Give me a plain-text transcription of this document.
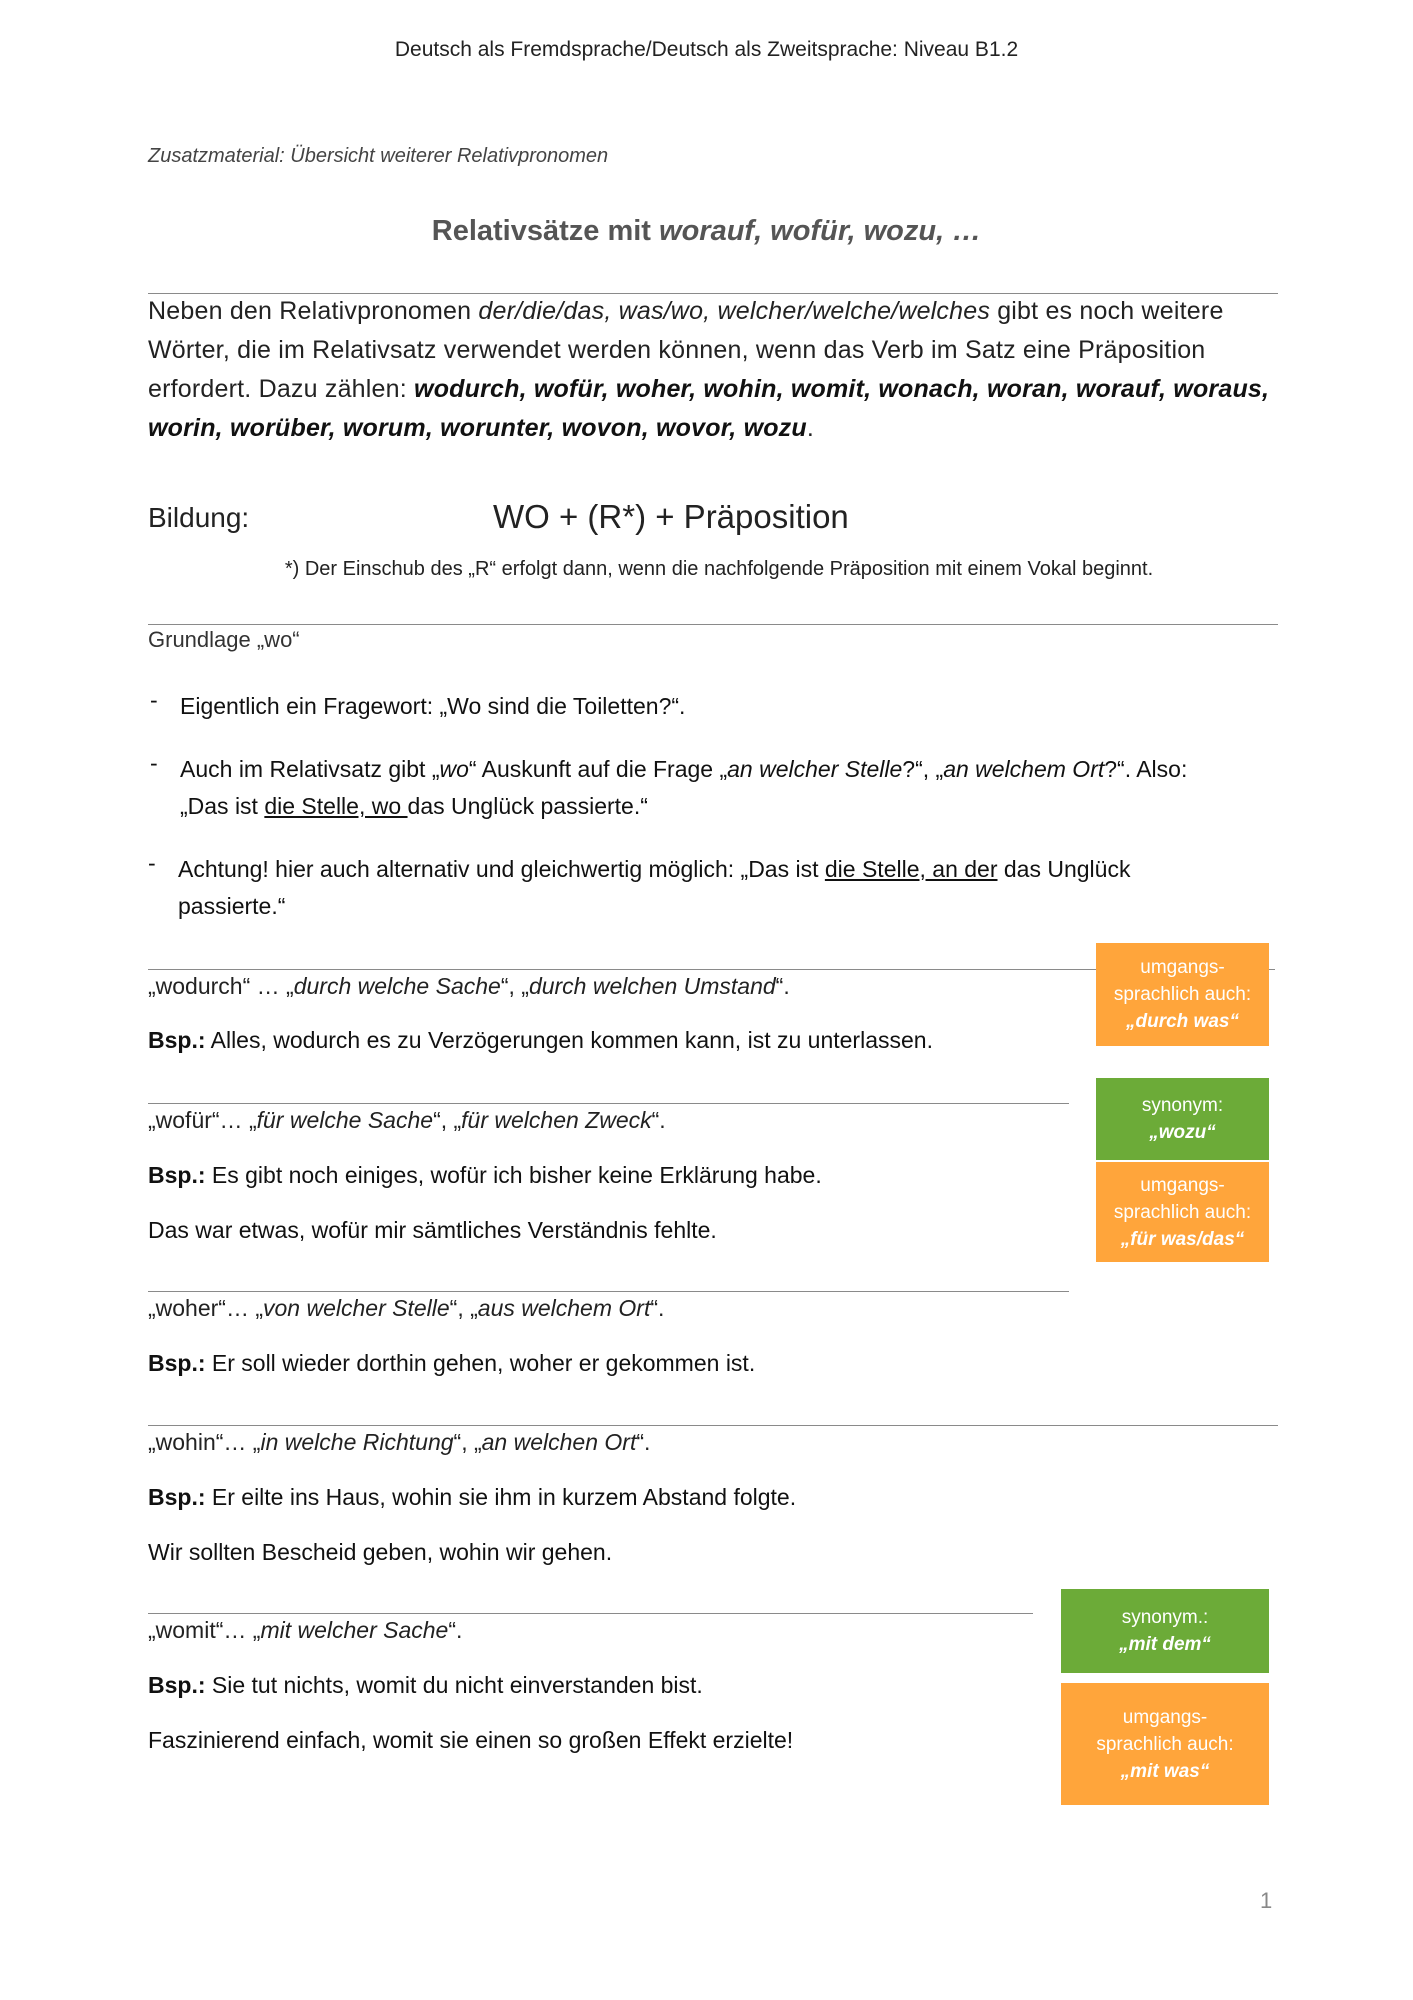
Deutsch als Fremdsprache/Deutsch als Zweitsprache: Niveau B1.2
Zusatzmaterial: Übersicht weiterer Relativpronomen
Relativsätze mit worauf, wofür, wozu, …
Neben den Relativpronomen der/die/das, was/wo, welcher/welche/welches gibt es noch weitere Wörter, die im Relativsatz verwendet werden können, wenn das Verb im Satz eine Präposition erfordert. Dazu zählen: wodurch, wofür, woher, wohin, womit, wonach, woran, worauf, woraus, worin, worüber, worum, worunter, wovon, wovor, wozu.
Bildung:	WO + (R*) + Präposition
*) Der Einschub des „R“ erfolgt dann, wenn die nachfolgende Präposition mit einem Vokal beginnt.
Grundlage „wo“
- Eigentlich ein Fragewort: „Wo sind die Toiletten?“.
- Auch im Relativsatz gibt „wo“ Auskunft auf die Frage „an welcher Stelle?“, „an welchem Ort?“. Also:
„Das ist die Stelle, wo das Unglück passierte.“
- Achtung! hier auch alternativ und gleichwertig möglich: „Das ist die Stelle, an der das Unglück
passierte.“
„wodurch“ … „durch welche Sache“, „durch welchen Umstand“.
Bsp.: Alles, wodurch es zu Verzögerungen kommen kann, ist zu unterlassen.
umgangs-
sprachlich auch:
„durch was“
„wofür“… „für welche Sache“, „für welchen Zweck“.
Bsp.: Es gibt noch einiges, wofür ich bisher keine Erklärung habe.
Das war etwas, wofür mir sämtliches Verständnis fehlte.
synonym:
„wozu“
umgangs-
sprachlich auch:
„für was/das“
„woher“… „von welcher Stelle“, „aus welchem Ort“.
Bsp.: Er soll wieder dorthin gehen, woher er gekommen ist.
„wohin“… „in welche Richtung“, „an welchen Ort“.
Bsp.: Er eilte ins Haus, wohin sie ihm in kurzem Abstand folgte.
Wir sollten Bescheid geben, wohin wir gehen.
„womit“… „mit welcher Sache“.
Bsp.: Sie tut nichts, womit du nicht einverstanden bist.
Faszinierend einfach, womit sie einen so großen Effekt erzielte!
synonym.:
„mit dem“
umgangs-
sprachlich auch:
„mit was“
1
